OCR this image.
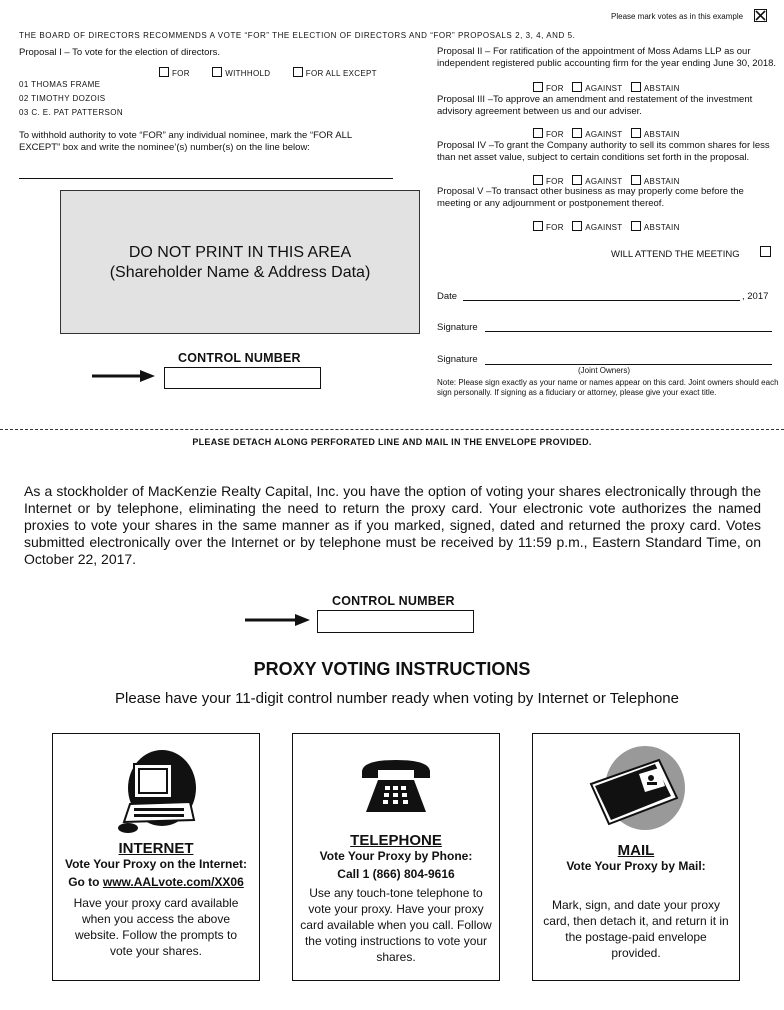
Please mark votes as in this example
THE BOARD OF DIRECTORS RECOMMENDS A VOTE “FOR” THE ELECTION OF DIRECTORS AND “FOR” PROPOSALS 2, 3, 4, AND 5.
Proposal I – To vote for the election of directors.
FOR	WITHHOLD	FOR ALL EXCEPT
01 THOMAS FRAME
02 TIMOTHY DOZOIS
03 C. E. PAT PATTERSON
To withhold authority to vote “FOR” any individual nominee, mark the “FOR ALL EXCEPT” box and write the nominee’(s) number(s) on the line below:
DO NOT PRINT IN THIS AREA
(Shareholder Name & Address Data)
CONTROL NUMBER
Proposal II – For ratification of the appointment of Moss Adams LLP as our independent registered public accounting firm for the year ending June 30, 2018.
FOR	AGAINST	ABSTAIN
Proposal III –To approve an amendment and restatement of the investment advisory agreement between us and our adviser.
FOR	AGAINST	ABSTAIN
Proposal IV –To grant the Company authority to sell its common shares for less than net asset value, subject to certain conditions set forth in the proposal.
FOR	AGAINST	ABSTAIN
Proposal V –To transact other business as may properly come before the meeting or any adjournment or postponement thereof.
FOR	AGAINST	ABSTAIN
WILL ATTEND THE MEETING
Date	, 2017
Signature
Signature
(Joint Owners)
Note: Please sign exactly as your name or names appear on this card. Joint owners should each sign personally. If signing as a fiduciary or attorney, please give your exact title.
PLEASE DETACH ALONG PERFORATED LINE AND MAIL IN THE ENVELOPE PROVIDED.
As a stockholder of MacKenzie Realty Capital, Inc. you have the option of voting your shares electronically through the Internet or by telephone, eliminating the need to return the proxy card. Your electronic vote authorizes the named proxies to vote your shares in the same manner as if you marked, signed, dated and returned the proxy card. Votes submitted electronically over the Internet or by telephone must be received by 11:59 p.m., Eastern Standard Time, on October 22, 2017.
CONTROL NUMBER
PROXY VOTING INSTRUCTIONS
Please have your 11-digit control number ready when voting by Internet or Telephone
INTERNET
Vote Your Proxy on the Internet:
Go to www.AALvote.com/XX06
Have your proxy card available when you access the above website. Follow the prompts to vote your shares.
TELEPHONE
Vote Your Proxy by Phone:
Call 1 (866) 804-9616
Use any touch-tone telephone to vote your proxy. Have your proxy card available when you call. Follow the voting instructions to vote your shares.
MAIL
Vote Your Proxy by Mail:
Mark, sign, and date your proxy card, then detach it, and return it in the postage-paid envelope provided.
